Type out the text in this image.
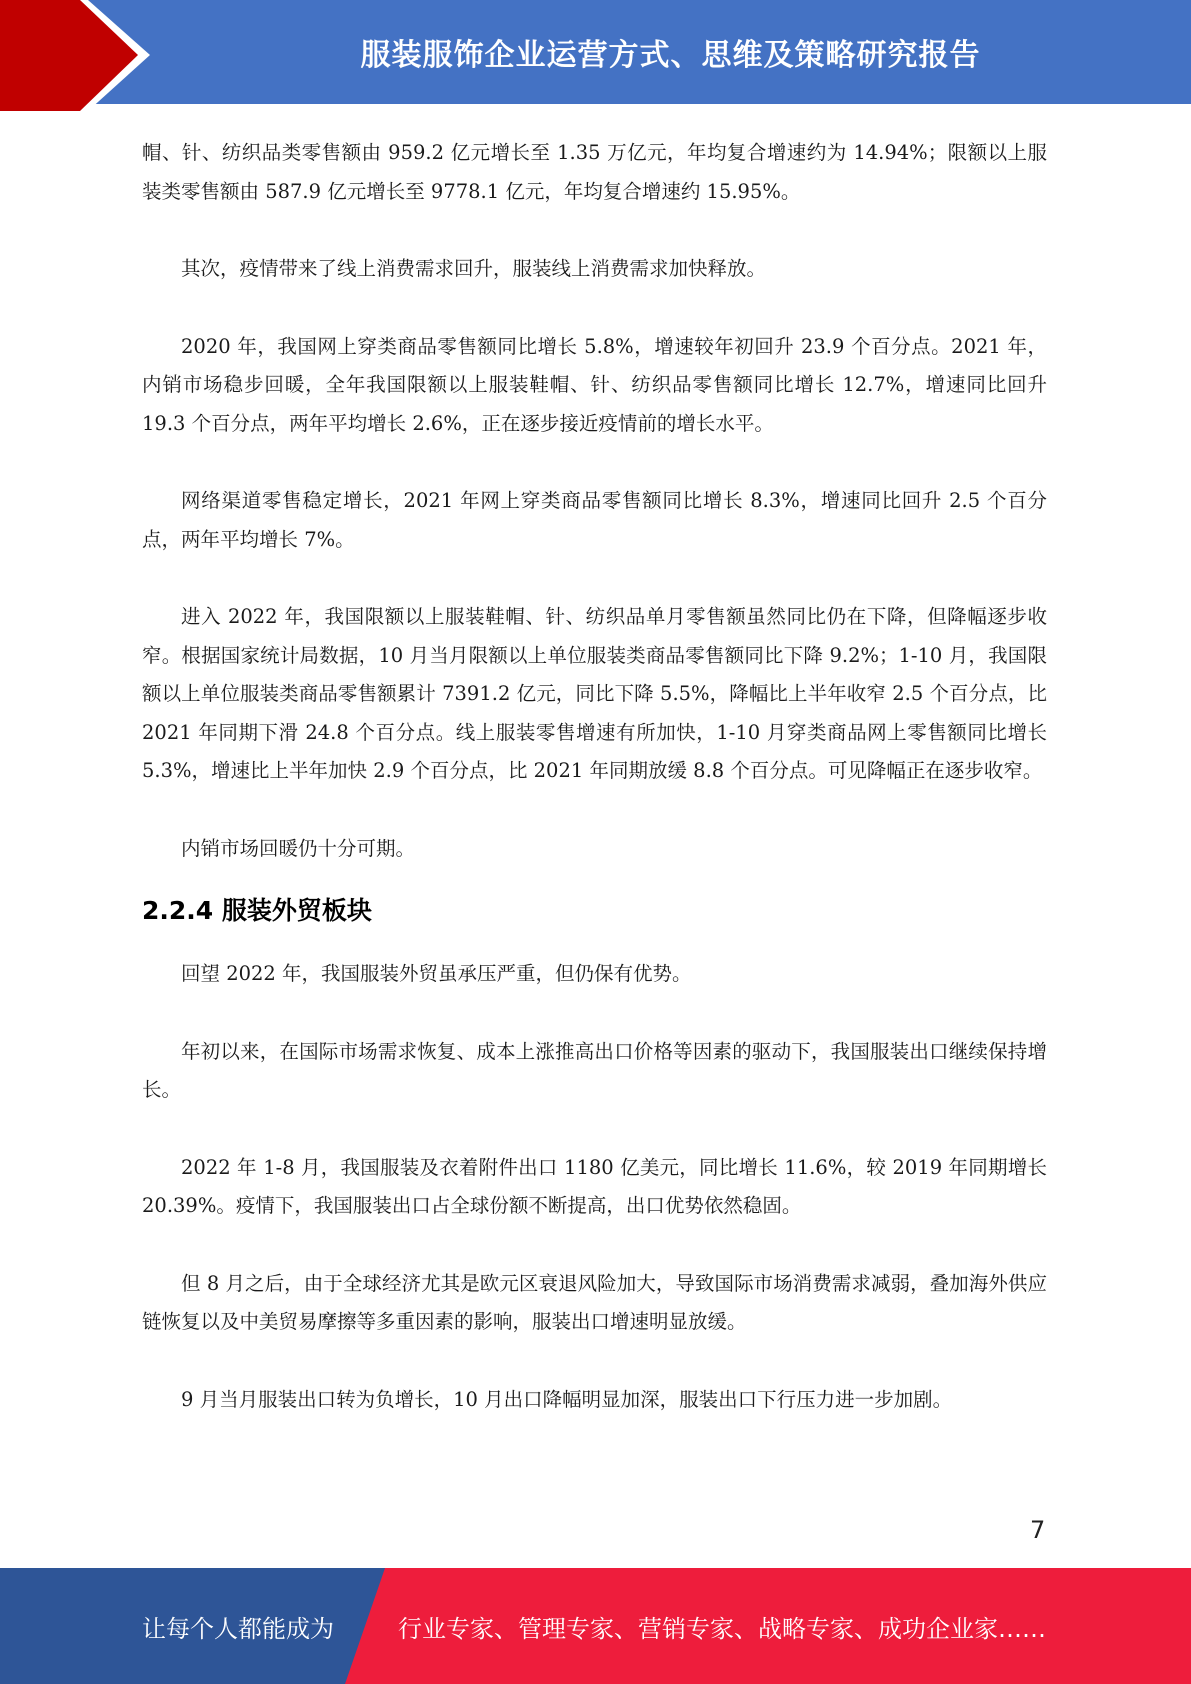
服装服饰企业运营方式、思维及策略研究报告

帽、针、纺织品类零售额由 959.2 亿元增长至 1.35 万亿元，年均复合增速约为 14.94%；限额以上服装类零售额由 587.9 亿元增长至 9778.1 亿元，年均复合增速约 15.95%。

其次，疫情带来了线上消费需求回升，服装线上消费需求加快释放。

2020 年，我国网上穿类商品零售额同比增长 5.8%，增速较年初回升 23.9 个百分点。2021 年，内销市场稳步回暖，全年我国限额以上服装鞋帽、针、纺织品零售额同比增长 12.7%，增速同比回升 19.3 个百分点，两年平均增长 2.6%，正在逐步接近疫情前的增长水平。

网络渠道零售稳定增长，2021 年网上穿类商品零售额同比增长 8.3%，增速同比回升 2.5 个百分点，两年平均增长 7%。

进入 2022 年，我国限额以上服装鞋帽、针、纺织品单月零售额虽然同比仍在下降，但降幅逐步收窄。根据国家统计局数据，10 月当月限额以上单位服装类商品零售额同比下降 9.2%；1-10 月，我国限额以上单位服装类商品零售额累计 7391.2 亿元，同比下降 5.5%，降幅比上半年收窄 2.5 个百分点，比 2021 年同期下滑 24.8 个百分点。线上服装零售增速有所加快，1-10 月穿类商品网上零售额同比增长 5.3%，增速比上半年加快 2.9 个百分点，比 2021 年同期放缓 8.8 个百分点。可见降幅正在逐步收窄。

内销市场回暖仍十分可期。

2.2.4 服装外贸板块

回望 2022 年，我国服装外贸虽承压严重，但仍保有优势。

年初以来，在国际市场需求恢复、成本上涨推高出口价格等因素的驱动下，我国服装出口继续保持增长。

2022 年 1-8 月，我国服装及衣着附件出口 1180 亿美元，同比增长 11.6%，较 2019 年同期增长 20.39%。疫情下，我国服装出口占全球份额不断提高，出口优势依然稳固。

但 8 月之后，由于全球经济尤其是欧元区衰退风险加大，导致国际市场消费需求减弱，叠加海外供应链恢复以及中美贸易摩擦等多重因素的影响，服装出口增速明显放缓。

9 月当月服装出口转为负增长，10 月出口降幅明显加深，服装出口下行压力进一步加剧。

7
让每个人都能成为	行业专家、管理专家、营销专家、战略专家、成功企业家……
